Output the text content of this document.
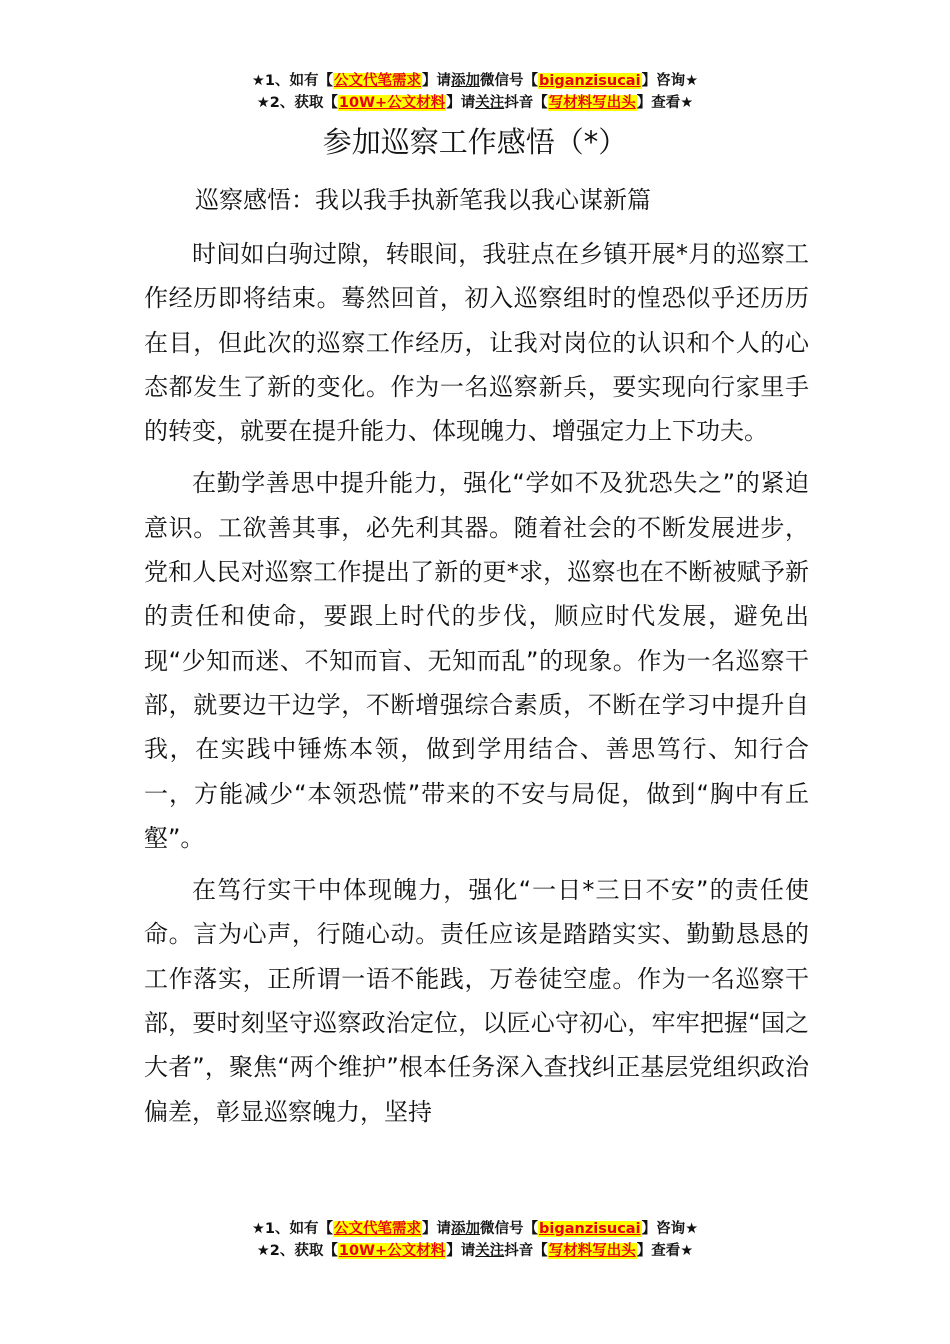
★1、如有【公文代笔需求】请添加微信号【biganzisucai】咨询★
★2、获取【10W+公文材料】请关注抖音【写材料写出头】查看★
参加巡察工作感悟（*）
巡察感悟：我以我手执新笔我以我心谋新篇

时间如白驹过隙，转眼间，我驻点在乡镇开展*月的巡察工作经历即将结束。蓦然回首，初入巡察组时的惶恐似乎还历历在目，但此次的巡察工作经历，让我对岗位的认识和个人的心态都发生了新的变化。作为一名巡察新兵，要实现向行家里手的转变，就要在提升能力、体现魄力、增强定力上下功夫。

在勤学善思中提升能力，强化“学如不及犹恐失之”的紧迫意识。工欲善其事，必先利其器。随着社会的不断发展进步，党和人民对巡察工作提出了新的更*求，巡察也在不断被赋予新的责任和使命，要跟上时代的步伐，顺应时代发展，避免出现“少知而迷、不知而盲、无知而乱”的现象。作为一名巡察干部，就要边干边学，不断增强综合素质，不断在学习中提升自我，在实践中锤炼本领，做到学用结合、善思笃行、知行合一，方能减少“本领恐慌”带来的不安与局促，做到“胸中有丘壑”。

在笃行实干中体现魄力，强化“一日*三日不安”的责任使命。言为心声，行随心动。责任应该是踏踏实实、勤勤恳恳的工作落实，正所谓一语不能践，万卷徒空虚。作为一名巡察干部，要时刻坚守巡察政治定位，以匠心守初心，牢牢把握“国之大者”，聚焦“两个维护”根本任务深入查找纠正基层党组织政治偏差，彰显巡察魄力，坚持

★1、如有【公文代笔需求】请添加微信号【biganzisucai】咨询★
★2、获取【10W+公文材料】请关注抖音【写材料写出头】查看★
